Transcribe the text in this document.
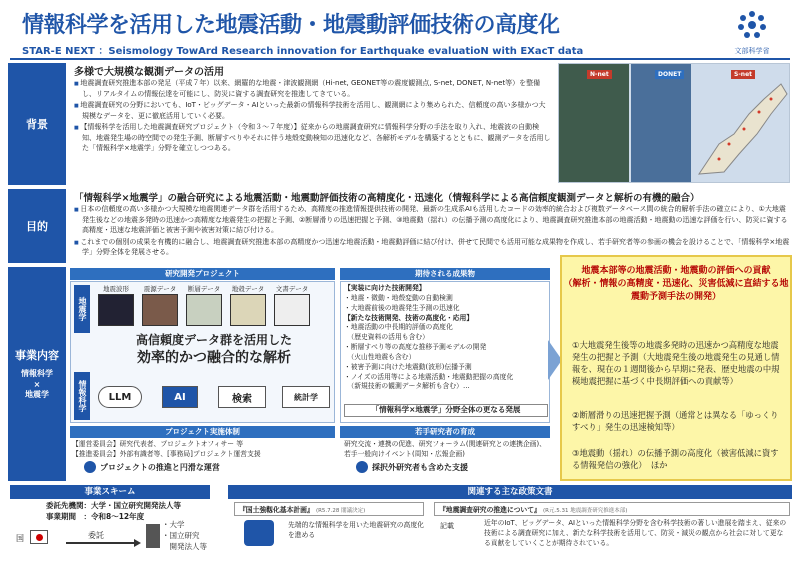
情報科学を活用した地震活動・地震動評価技術の高度化
STAR-E NEXT ：Seismology TowArd Research innovation for Earthquake evaluatioN with EXacT data	文部科学省
背景
多様で大規模な観測データの活用

■ 地震調査研究推進本部の発足（平成７年）以来、網羅的な地震・津波観測網（Hi-net, GEONET等の震度観測点, S-net, DONET, N-net等）を整備し、リアルタイムの情報伝達を可能にし、防災に資する調査研究を推進してきている。

■ 地震調査研究の分野においても、IoT・ビッグデータ・AIといった最新の情報科学技術を活用し、観測網により集められた、信頼度の高い多様かつ大規模なデータを、更に徹底活用していく必要。

■ 【情報科学を活用した地震調査研究プロジェクト（令和３～７年度）】従来からの地震調査研究に情報科学分野の手法を取り入れ、地震波の自動検知、地震発生場の時空間での発生予測、断層すべりやそれに伴う地殻変動検知の迅速化など、各解析モデルを構築するとともに、観測データを活用した「情報科学×地震学」分野を確立しつつある。

N-net	DONET	S-net
目的
「情報科学×地震学」の融合研究による地震活動・地震動評価技術の高精度化・迅速化（情報科学による高信頼度観測データと解析の有機的融合）

■ 日本の信頼度の高い多様かつ大規模な地震関連データ群を活用するため、高精度の推進情報提供技術の開発、最新の生成系AIも活用したコードの効率的統合および複数データベース間の統合的解析手法の確立により、①大地震発生後などの地震多発時の迅速かつ高精度な地震発生の把握と予測、②断層滑りの迅速把握と予測、③地震動（揺れ）の伝播予測の高度化により、地震調査研究推進本部の地震活動・地震動の迅速な評価を行い、防災に資する高精度・迅速な地震評価と被害予測や被害対策に結び付ける。

■ これまでの個別の成果を有機的に融合し、地震調査研究推進本部の高精度かつ迅速な地震活動・地震動評価に結び付け、併せて民間でも活用可能な成果物を作成し、若手研究者等の参画の機会を設けることで、「情報科学×地震学」分野全体を発展させる。

事業内容
情報科学
×
地震学
研究開発プロジェクト
地震学
情報科学
地震波形	震源データ	断層データ	地殻データ	文書データ
高信頼度データ群を活用した
効率的かつ融合的な解析
LLM	AI	検索	統計学
期待される成果物
【実装に向けた技術開発】
・地震・微動・地殻変動の自動検測
・大地震前後の地震発生予測の迅速化
【新たな技術開発、技術の高度化・応用】
・地震活動の中長期的評価の高度化
　（歴史資料の活用も含む）
・断層すべり等の高度な推移予測モデルの開発
　（火山性地震も含む）
・被害予測に向けた地震動(波形)伝播予測
・ノイズの活用等による地震活動・地震動把握の高度化
　（新規技術の観測データ解析も含む）…
「情報科学×地震学」分野全体の更なる発展
プロジェクト実施体制
【運営委員会】研究代表者、プロジェクトオフィサー 等
【推進委員会】外部有識者等、[事務局]プロジェクト運営支援
プロジェクトの推進と円滑な運営
若手研究者の育成
研究交流・連携の促進、研究フォーラム(関連研究との連携企画)、若手一般向けイベント(周知・広報企画)
採択外研究者も含めた支援
地震本部等の地震活動・地震動の評価への貢献
（解析・情報の高精度・迅速化、災害低減に直結する地震動予測手法の開発）
①大地震発生後等の地震多発時の迅速かつ高精度な地震発生の把握と予測（大地震発生後の地震発生の見通し情報を、現在の１週間後から早期に発表、歴史地震の中規模地震把握に基づく中長期評価への貢献等）
②断層滑りの迅速把握予測（通常とは異なる「ゆっくりすべり」発生の迅速検知等）
③地震動（揺れ）の伝播予測の高度化（被害低減に資する情報発信の強化）　ほか
事業スキーム
委託先機関：大学・国立研究開発法人等
事業期間　：令和8～12年度
国	委託
・大学
・国立研究
　開発法人等
関連する主な政策文書
『国土強靱化基本計画』 (R5.7.28 閣議決定)
先端的な情報科学を用いた地震研究の高度化を進める
『地震調査研究の推進について』 (R元.5.31 地震調査研究推進本部)
記載	近年のIoT、ビッグデータ、AIといった情報科学分野を含む科学技術の著しい進展を踏まえ、従来の技術による調査研究に加え、新たな科学技術を活用して、防災・減災の観点から社会に対して更なる貢献をしていくことが期待されている。
